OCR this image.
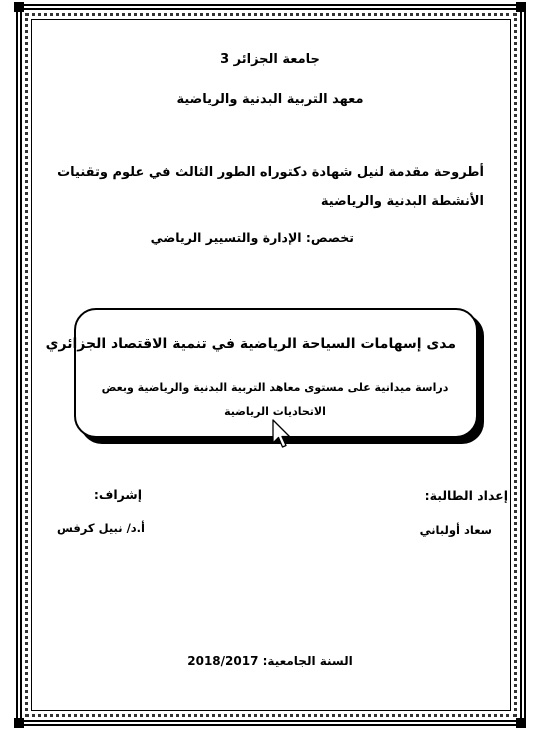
جامعة الجزائر 3
معهد التربية البدنية والرياضية
أطروحة مقدمة لنيل شهادة دكتوراه الطور الثالث في علوم وتقنيات الأنشطة البدنية والرياضية
تخصص: الإدارة والتسيير الرياضي
مدى إسهامات السياحة الرياضية في تنمية الاقتصاد الجزائري
دراسة ميدانية على مستوى معاهد التربية البدنية والرياضية وبعض الاتحاديات الرياضية
إعداد الطالبة:
إشراف:
سعاد أولباني
أ.د/ نبيل كرفس
السنة الجامعية: 2018/2017
